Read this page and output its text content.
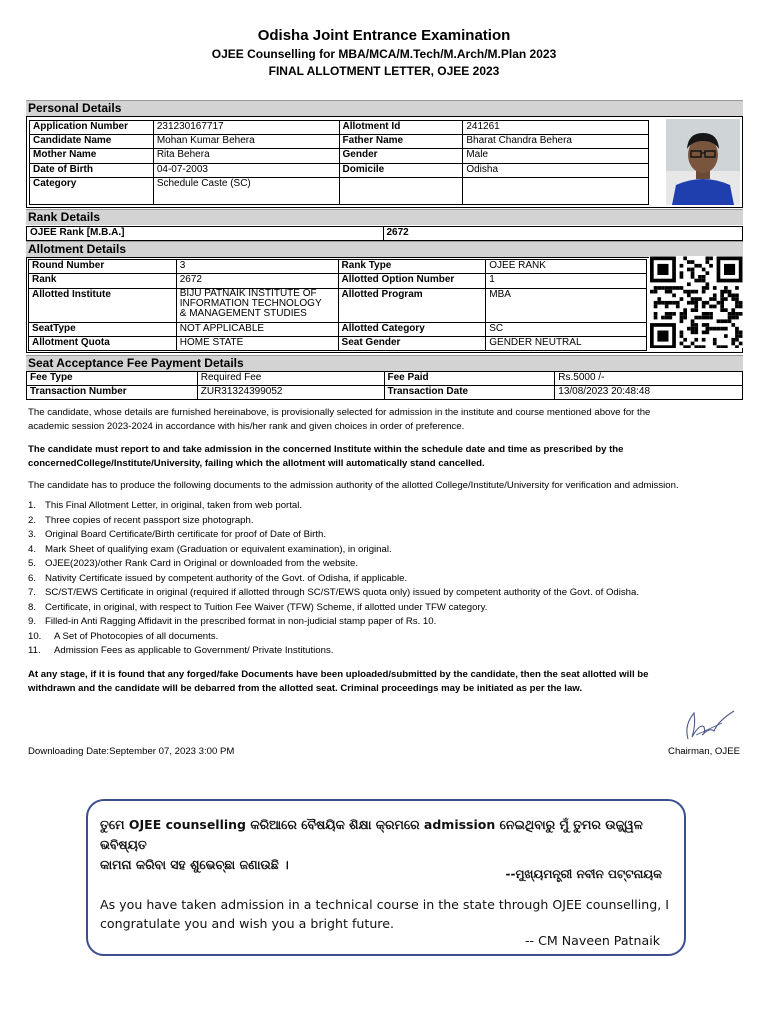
Odisha Joint Entrance Examination
OJEE Counselling for MBA/MCA/M.Tech/M.Arch/M.Plan 2023
FINAL ALLOTMENT LETTER, OJEE 2023
Personal Details
Application Number	231230167717	Allotment Id	241261
Candidate Name	Mohan Kumar Behera	Father Name	Bharat Chandra Behera
Mother Name	Rita Behera	Gender	Male
Date of Birth	04-07-2003	Domicile	Odisha
Category	Schedule Caste (SC)		
Rank Details
OJEE Rank [M.B.A.]	2672
Allotment Details
Round Number	3	Rank Type	OJEE RANK
Rank	2672	Allotted Option Number	1
Allotted Institute	BIJU PATNAIK INSTITUTE OF
INFORMATION TECHNOLOGY
& MANAGEMENT STUDIES	Allotted Program	MBA
SeatType	NOT APPLICABLE	Allotted Category	SC
Allotment Quota	HOME STATE	Seat Gender	GENDER NEUTRAL
Seat Acceptance Fee Payment Details
Fee Type	Required Fee	Fee Paid	Rs.5000 /-
Transaction Number	ZUR31324399052	Transaction Date	13/08/2023 20:48:48
The candidate, whose details are furnished hereinabove, is provisionally selected for admission in the institute and course mentioned above for the
academic session 2023-2024 in accordance with his/her rank and given choices in order of preference.
The candidate must report to and take admission in the concerned Institute within the schedule date and time as prescribed by the
concernedCollege/Institute/University, failing which the allotment will automatically stand cancelled.
The candidate has to produce the following documents to the admission authority of the allotted College/Institute/University for verification and admission.
1. This Final Allotment Letter, in original, taken from web portal.
2. Three copies of recent passport size photograph.
3. Original Board Certificate/Birth certificate for proof of Date of Birth.
4. Mark Sheet of qualifying exam (Graduation or equivalent examination), in original.
5. OJEE(2023)/other Rank Card in Original or downloaded from the website.
6. Nativity Certificate issued by competent authority of the Govt. of Odisha, if applicable.
7. SC/ST/EWS Certificate in original (required if allotted through SC/ST/EWS quota only) issued by competent authority of the Govt. of Odisha.
8. Certificate, in original, with respect to Tuition Fee Waiver (TFW) Scheme, if allotted under TFW category.
9. Filled-in Anti Ragging Affidavit in the prescribed format in non-judicial stamp paper of Rs. 10.
10.	A Set of Photocopies of all documents.
11.	Admission Fees as applicable to Government/ Private Institutions.
At any stage, if it is found that any forged/fake Documents have been uploaded/submitted by the candidate, then the seat allotted will be
withdrawn and the candidate will be debarred from the allotted seat. Criminal proceedings may be initiated as per the law.
Downloading Date:September 07, 2023 3:00 PM	Chairman, OJEE
ତୁମେ OJEE counselling କରିଆରେ ବୈଷୟିକ ଶିକ୍ଷା କ୍ରମରେ admission ନେଇଥିବାରୁ ମୁଁ ତୁମର ଉଜ୍ଜ୍ୱଳ ଭବିଷ୍ୟତ
କାମନା କରିବା ସହ ଶୁଭେଚ୍ଛା ଜଣାଉଛି ।
--ମୁଖ୍ୟମନ୍ତ୍ରୀ ନବୀନ ପଟ୍ଟନାୟକ
As you have taken admission in a technical course in the state through OJEE counselling, I
congratulate you and wish you a bright future.
-- CM Naveen Patnaik
